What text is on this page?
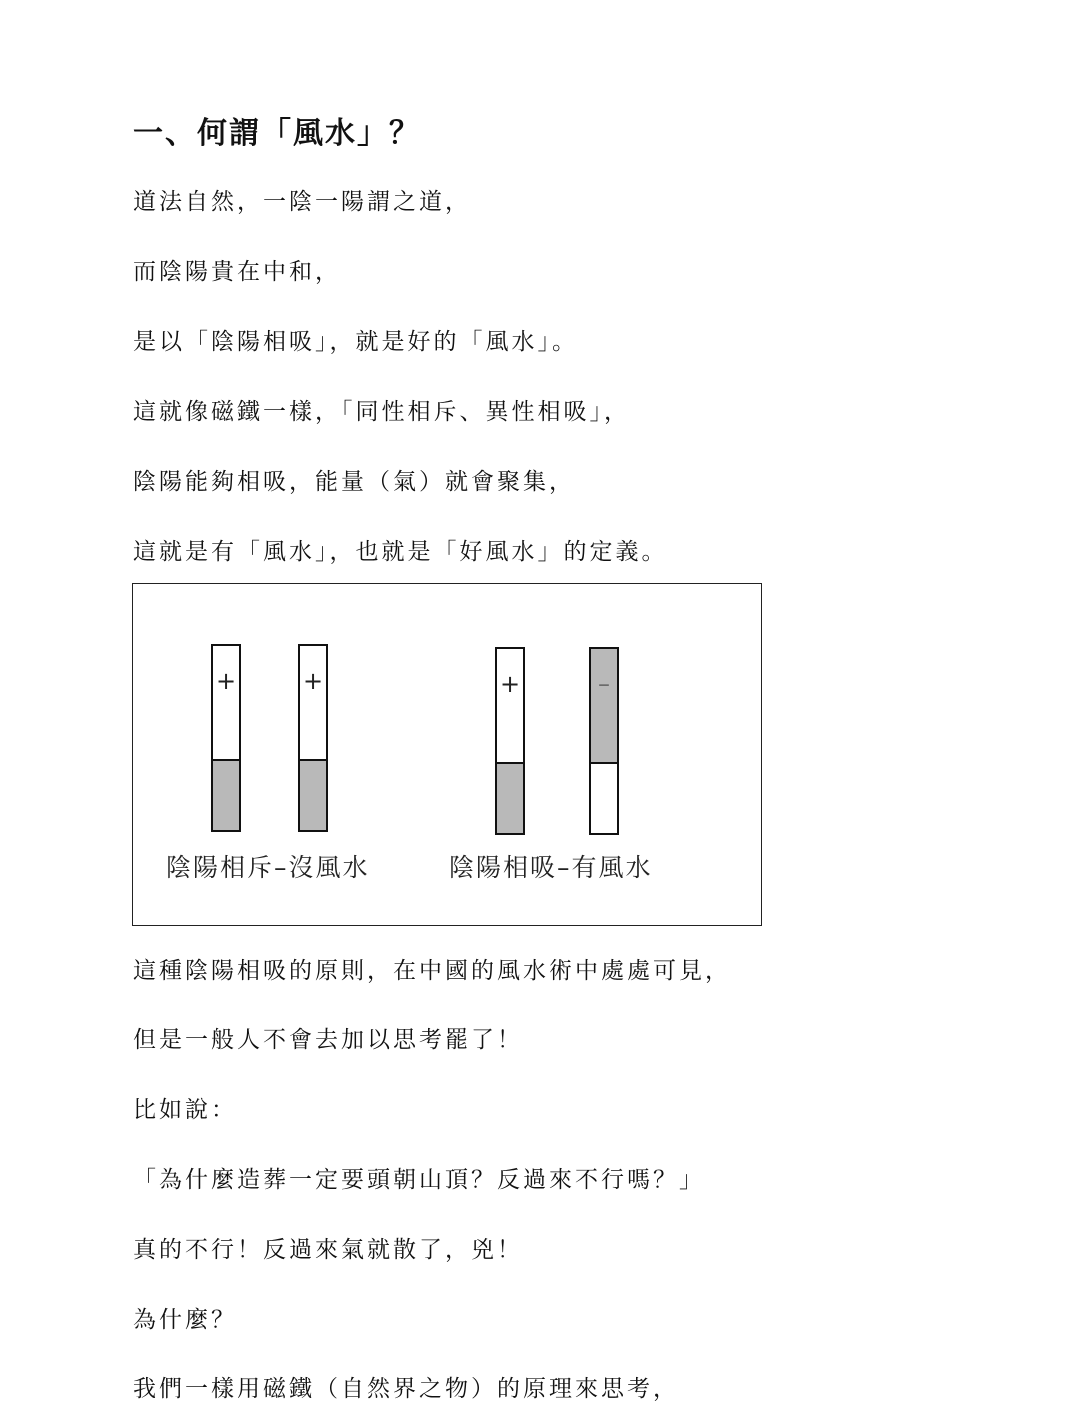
一、何謂「風水」？

道法自然，一陰一陽謂之道，

而陰陽貴在中和，

是以「陰陽相吸」，就是好的「風水」。

這就像磁鐵一樣，「同性相斥、異性相吸」，

陰陽能夠相吸，能量（氣）就會聚集，

這就是有「風水」，也就是「好風水」的定義。

+	+
陰陽相斥–沒風水
+	–
陰陽相吸–有風水

這種陰陽相吸的原則，在中國的風水術中處處可見，

但是一般人不會去加以思考罷了！

比如說：

「為什麼造葬一定要頭朝山頂？反過來不行嗎？」

真的不行！反過來氣就散了，兇！

為什麼？

我們一樣用磁鐵（自然界之物）的原理來思考，
